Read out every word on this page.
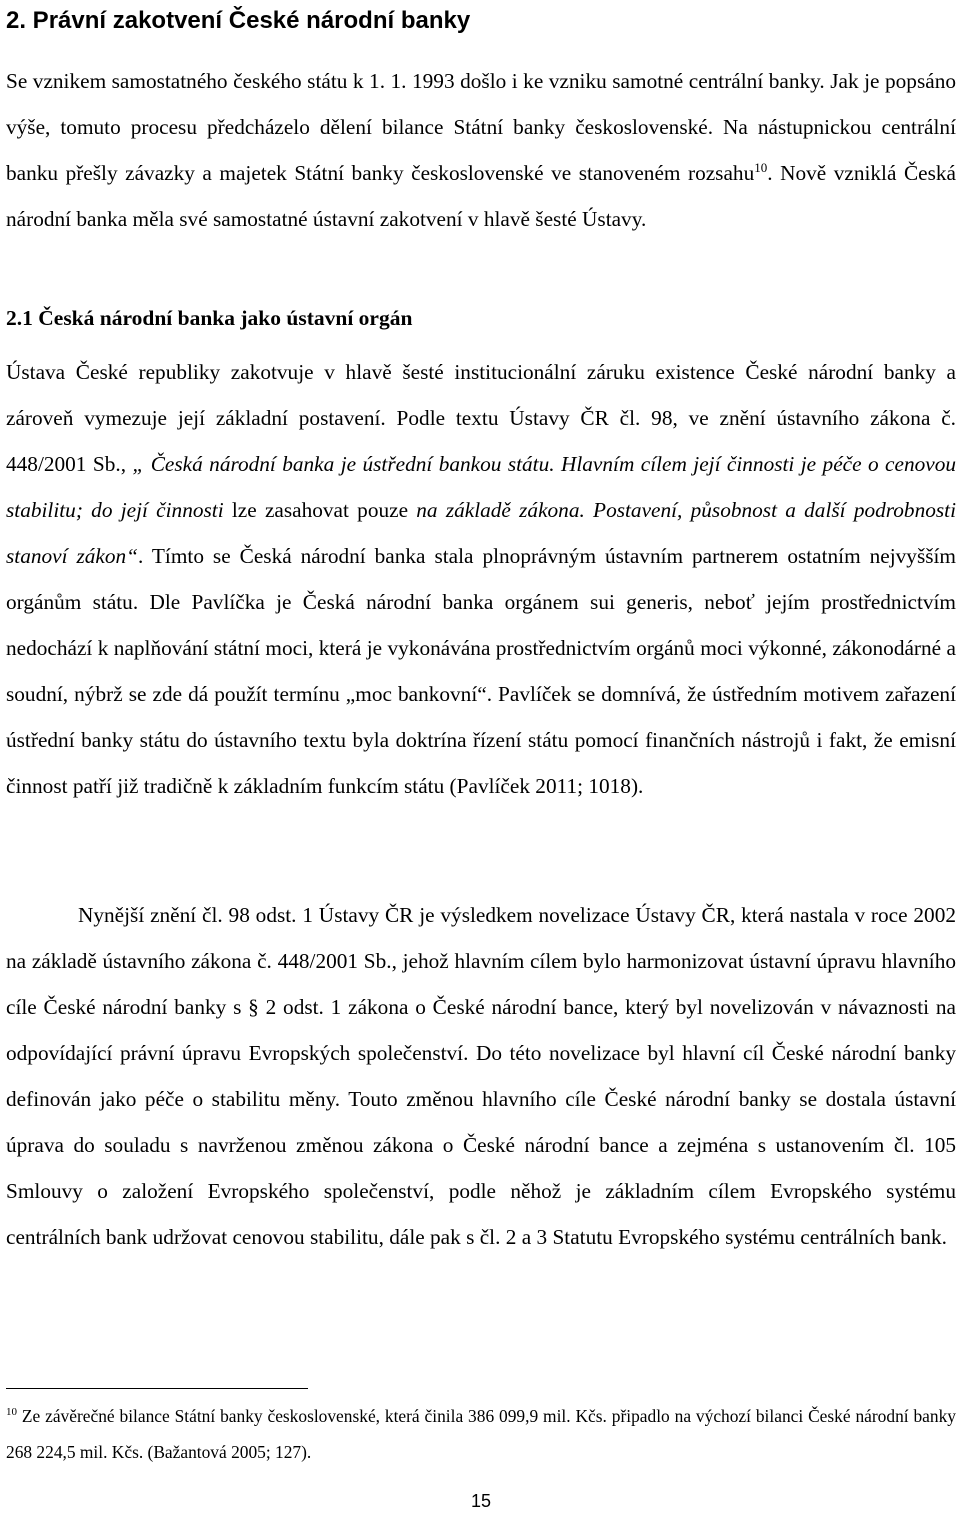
2. Právní zakotvení České národní banky

Se vznikem samostatného českého státu k 1. 1. 1993 došlo i ke vzniku samotné centrální banky. Jak je popsáno výše, tomuto procesu předcházelo dělení bilance Státní banky československé. Na nástupnickou centrální banku přešly závazky a majetek Státní banky československé ve stanoveném rozsahu$^{10}$. Nově vzniklá Česká národní banka měla své samostatné ústavní zakotvení v hlavě šesté Ústavy.

2.1 Česká národní banka jako ústavní orgán

Ústava České republiky zakotvuje v hlavě šesté institucionální záruku existence České národní banky a zároveň vymezuje její základní postavení. Podle textu Ústavy ČR čl. 98, ve znění ústavního zákona č. 448/2001 Sb., „ Česká národní banka je ústřední bankou státu. Hlavním cílem její činnosti je péče o cenovou stabilitu; do její činnosti lze zasahovat pouze na základě zákona. Postavení, působnost a další podrobnosti stanoví zákon“. Tímto se Česká národní banka stala plnoprávným ústavním partnerem ostatním nejvyšším orgánům státu. Dle Pavlíčka je Česká národní banka orgánem sui generis, neboť jejím prostřednictvím nedochází k naplňování státní moci, která je vykonávána prostřednictvím orgánů moci výkonné, zákonodárné a soudní, nýbrž se zde dá použít termínu „moc bankovní“. Pavlíček se domnívá, že ústředním motivem zařazení ústřední banky státu do ústavního textu byla doktrína řízení státu pomocí finančních nástrojů i fakt, že emisní činnost patří již tradičně k základním funkcím státu (Pavlíček 2011; 1018).

Nynější znění čl. 98 odst. 1 Ústavy ČR je výsledkem novelizace Ústavy ČR, která nastala v roce 2002 na základě ústavního zákona č. 448/2001 Sb., jehož hlavním cílem bylo harmonizovat ústavní úpravu hlavního cíle České národní banky s § 2 odst. 1 zákona o České národní bance, který byl novelizován v návaznosti na odpovídající právní úpravu Evropských společenství. Do této novelizace byl hlavní cíl České národní banky definován jako péče o stabilitu měny. Touto změnou hlavního cíle České národní banky se dostala ústavní úprava do souladu s navrženou změnou zákona o České národní bance a zejména s ustanovením čl. 105 Smlouvy o založení Evropského společenství, podle něhož je základním cílem Evropského systému centrálních bank udržovat cenovou stabilitu, dále pak s čl. 2 a 3 Statutu Evropského systému centrálních bank.

$^{10}$ Ze závěrečné bilance Státní banky československé, která činila 386 099,9 mil. Kčs. připadlo na výchozí bilanci České národní banky 268 224,5 mil. Kčs. (Bažantová 2005; 127).

15
